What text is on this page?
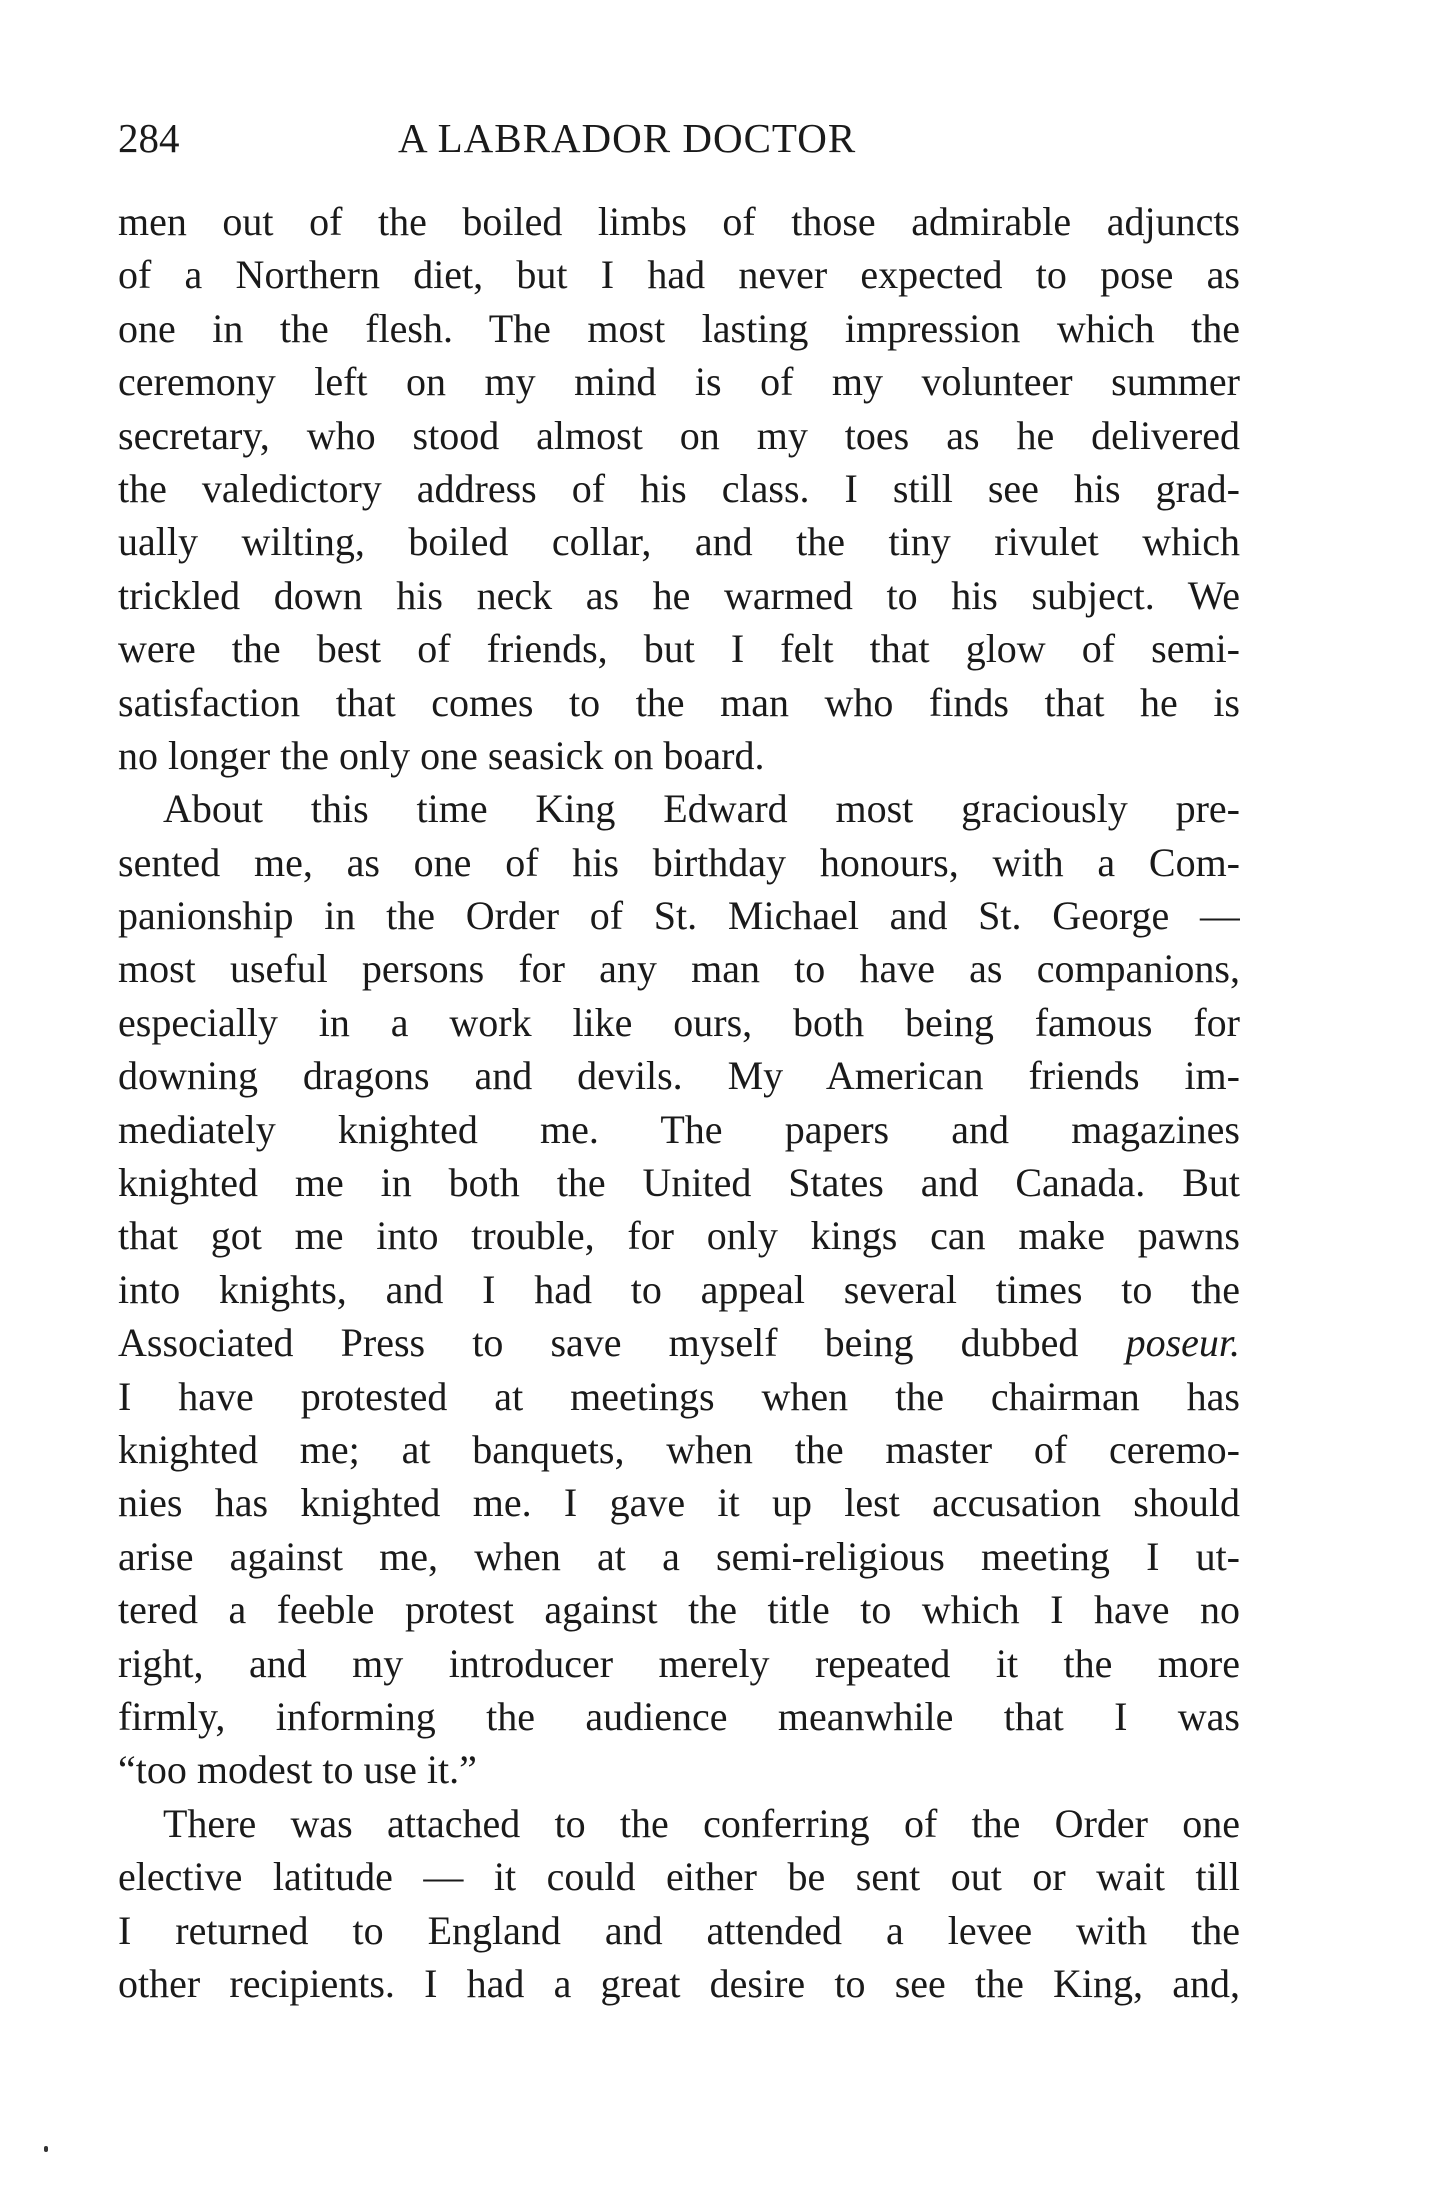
284	A LABRADOR DOCTOR
men out of the boiled limbs of those admirable adjuncts
of a Northern diet, but I had never expected to pose as
one in the flesh. The most lasting impression which the
ceremony left on my mind is of my volunteer summer
secretary, who stood almost on my toes as he delivered
the valedictory address of his class. I still see his grad-
ually wilting, boiled collar, and the tiny rivulet which
trickled down his neck as he warmed to his subject. We
were the best of friends, but I felt that glow of semi-
satisfaction that comes to the man who finds that he is
no longer the only one seasick on board.
About this time King Edward most graciously pre-
sented me, as one of his birthday honours, with a Com-
panionship in the Order of St. Michael and St. George —
most useful persons for any man to have as companions,
especially in a work like ours, both being famous for
downing dragons and devils. My American friends im-
mediately knighted me. The papers and magazines
knighted me in both the United States and Canada. But
that got me into trouble, for only kings can make pawns
into knights, and I had to appeal several times to the
Associated Press to save myself being dubbed poseur.
I have protested at meetings when the chairman has
knighted me; at banquets, when the master of ceremo-
nies has knighted me. I gave it up lest accusation should
arise against me, when at a semi-religious meeting I ut-
tered a feeble protest against the title to which I have no
right, and my introducer merely repeated it the more
firmly, informing the audience meanwhile that I was
“too modest to use it.”
There was attached to the conferring of the Order one
elective latitude — it could either be sent out or wait till
I returned to England and attended a levee with the
other recipients. I had a great desire to see the King, and,
